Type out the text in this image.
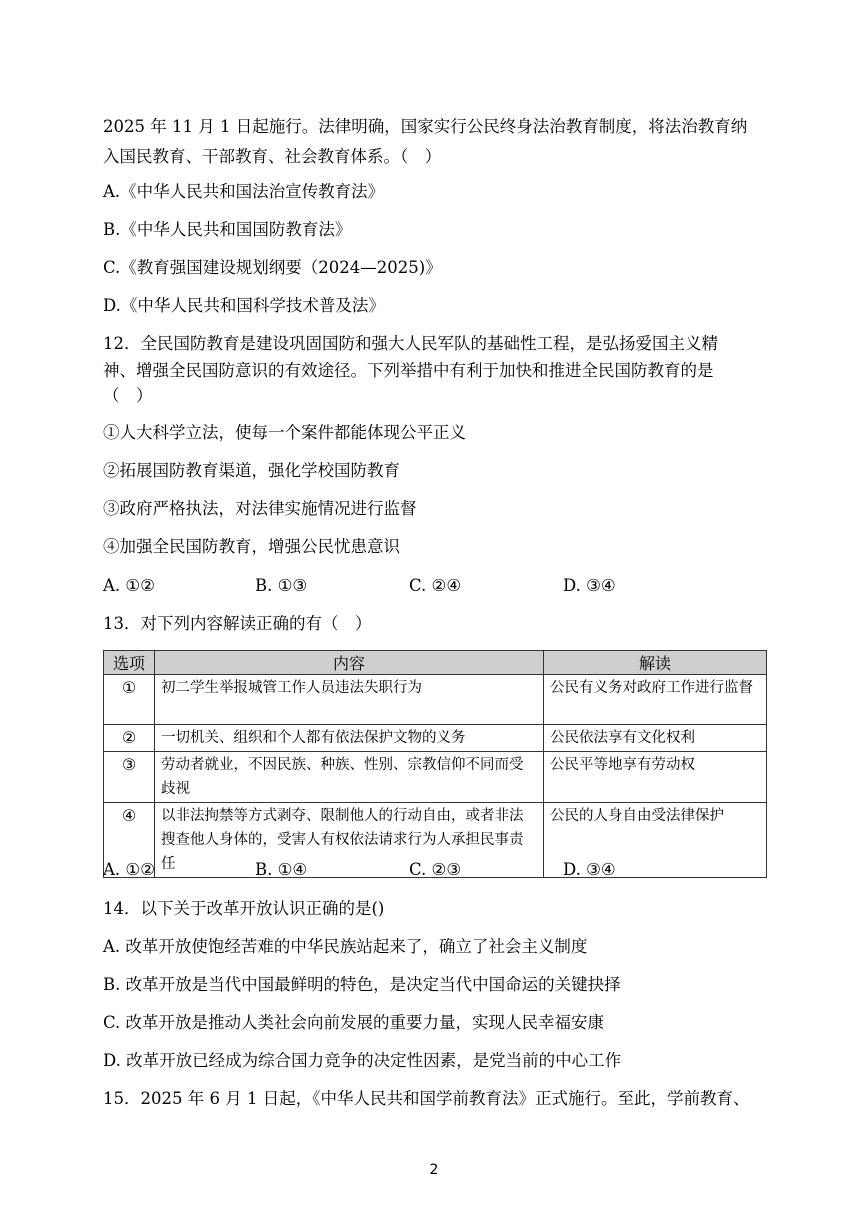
2025 年 11 月 1 日起施行。法律明确，国家实行公民终身法治教育制度，将法治教育纳
入国民教育、干部教育、社会教育体系。（　）
A.《中华人民共和国法治宣传教育法》
B.《中华人民共和国国防教育法》
C.《教育强国建设规划纲要（2024—2025)》
D.《中华人民共和国科学技术普及法》
12．全民国防教育是建设巩固国防和强大人民军队的基础性工程，是弘扬爱国主义精
神、增强全民国防意识的有效途径。下列举措中有利于加快和推进全民国防教育的是
（　）
①人大科学立法，使每一个案件都能体现公平正义
②拓展国防教育渠道，强化学校国防教育
③政府严格执法，对法律实施情况进行监督
④加强全民国防教育，增强公民忧患意识
A. ①②	B. ①③	C. ②④	D. ③④
13．对下列内容解读正确的有（　）
选项	内容	解读
①	初二学生举报城管工作人员违法失职行为	公民有义务对政府工作进行监督
②	一切机关、组织和个人都有依法保护文物的义务	公民依法享有文化权利
③	劳动者就业，不因民族、种族、性别、宗教信仰不同而受歧视	公民平等地享有劳动权
④	以非法拘禁等方式剥夺、限制他人的行动自由，或者非法搜查他人身体的，受害人有权依法请求行为人承担民事责任	公民的人身自由受法律保护
A. ①②	B. ①④	C. ②③	D. ③④
14．以下关于改革开放认识正确的是()
A. 改革开放使饱经苦难的中华民族站起来了，确立了社会主义制度
B. 改革开放是当代中国最鲜明的特色，是决定当代中国命运的关键抉择
C. 改革开放是推动人类社会向前发展的重要力量，实现人民幸福安康
D. 改革开放已经成为综合国力竞争的决定性因素，是党当前的中心工作
15．2025 年 6 月 1 日起，《中华人民共和国学前教育法》正式施行。至此，学前教育、
2
